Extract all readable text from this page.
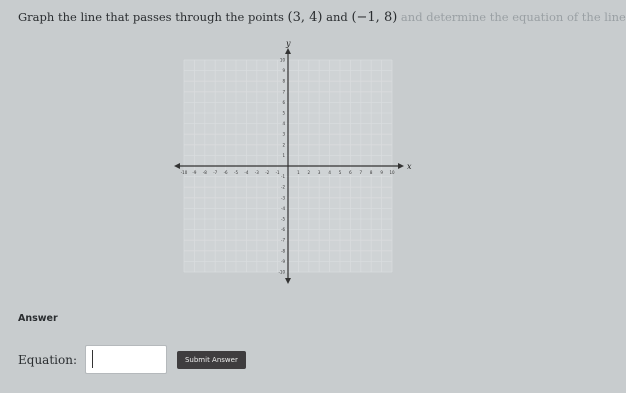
Graph the line that passes through the points (3, 4) and (−1, 8) and determine the equation of the line
x
y
-10 -9 -8 -7 -6 -5 -4 -3 -2 -1	1 2 3 4 5 6 7 8 9 10
10
9
8
7
6
5
4
3
2
1
-1
-2
-3
-4
-5
-6
-7
-8
-9
-10
Answer
Equation:	Submit Answer
